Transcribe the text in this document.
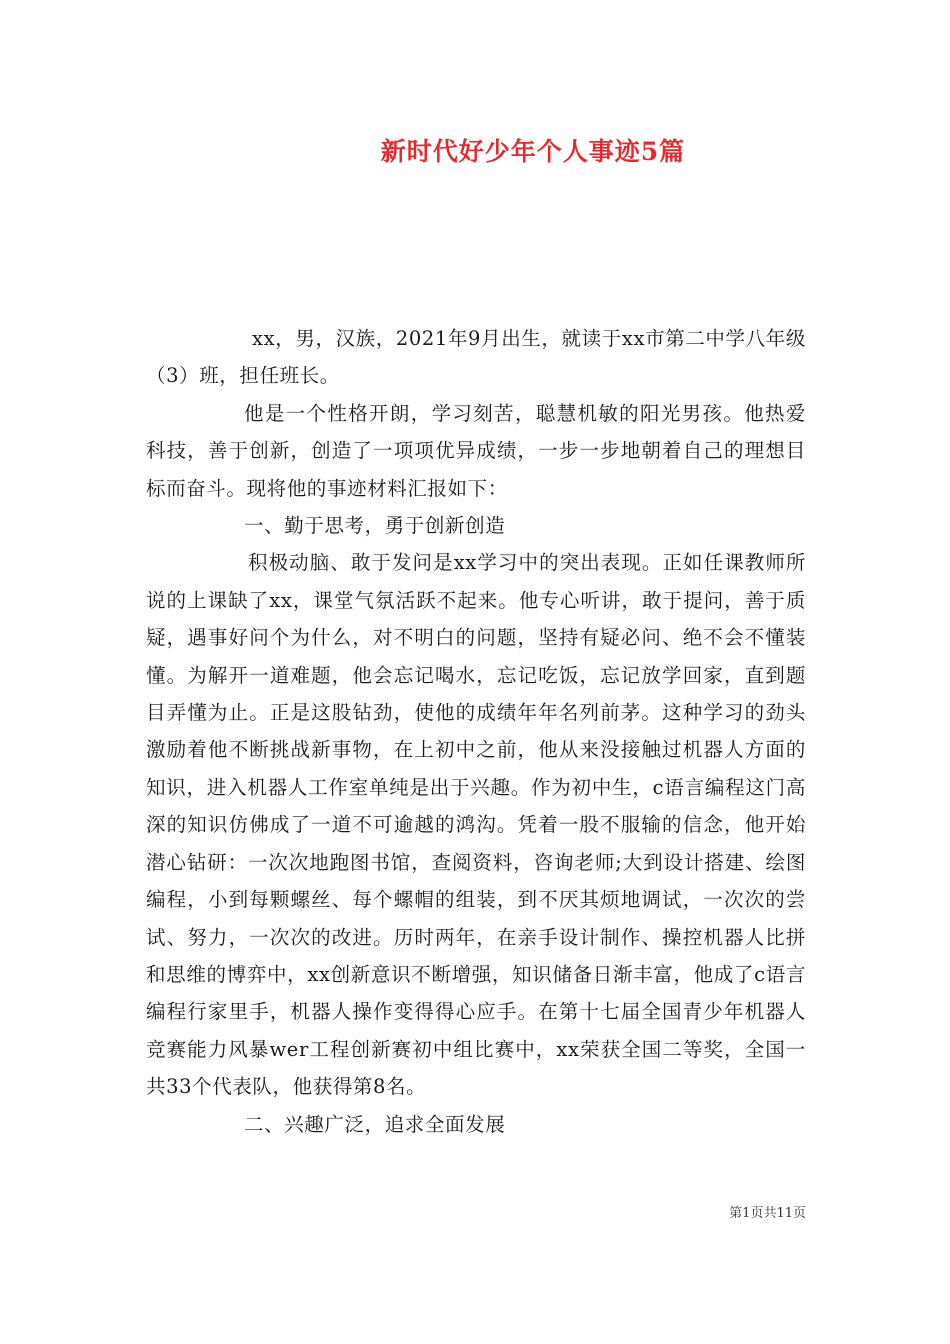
新时代好少年个人事迹5篇

xx，男，汉族，2021年9月出生，就读于xx市第二中学八年级（3）班，担任班长。

他是一个性格开朗，学习刻苦，聪慧机敏的阳光男孩。他热爱科技，善于创新，创造了一项项优异成绩，一步一步地朝着自己的理想目标而奋斗。现将他的事迹材料汇报如下：

一、勤于思考，勇于创新创造

积极动脑、敢于发问是xx学习中的突出表现。正如任课教师所说的上课缺了xx，课堂气氛活跃不起来。他专心听讲，敢于提问，善于质疑，遇事好问个为什么，对不明白的问题，坚持有疑必问、绝不会不懂装懂。为解开一道难题，他会忘记喝水，忘记吃饭，忘记放学回家，直到题目弄懂为止。正是这股钻劲，使他的成绩年年名列前茅。这种学习的劲头激励着他不断挑战新事物，在上初中之前，他从来没接触过机器人方面的知识，进入机器人工作室单纯是出于兴趣。作为初中生，c语言编程这门高深的知识仿佛成了一道不可逾越的鸿沟。凭着一股不服输的信念，他开始潜心钻研：一次次地跑图书馆，查阅资料，咨询老师;大到设计搭建、绘图编程，小到每颗螺丝、每个螺帽的组装，到不厌其烦地调试，一次次的尝试、努力，一次次的改进。历时两年，在亲手设计制作、操控机器人比拼和思维的博弈中，xx创新意识不断增强，知识储备日渐丰富，他成了c语言编程行家里手，机器人操作变得得心应手。在第十七届全国青少年机器人竞赛能力风暴wer工程创新赛初中组比赛中，xx荣获全国二等奖，全国一共33个代表队，他获得第8名。

二、兴趣广泛，追求全面发展

第1页共11页
